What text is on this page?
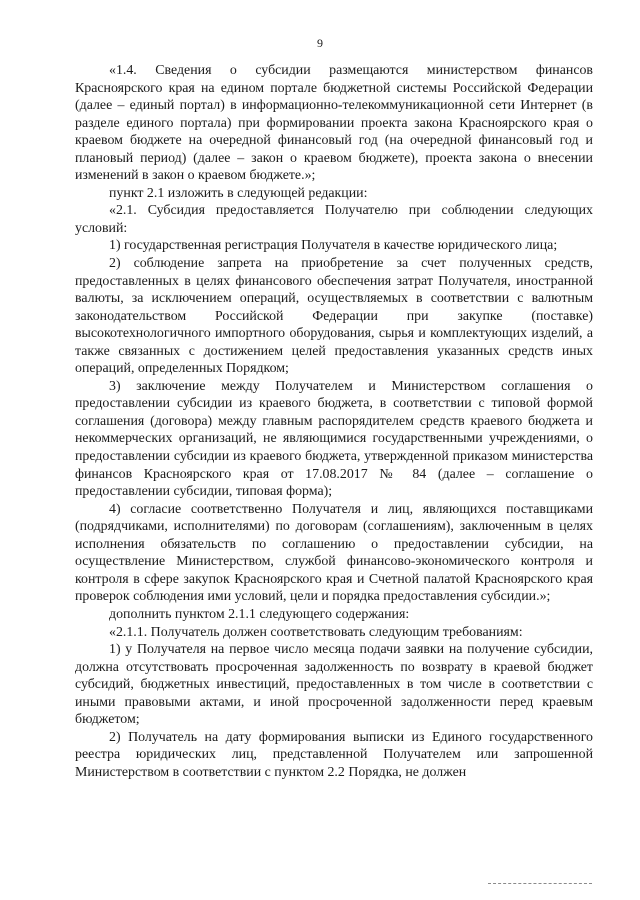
9

«1.4. Сведения о субсидии размещаются министерством финансов Красноярского края на едином портале бюджетной системы Российской Федерации (далее – единый портал) в информационно-телекоммуникационной сети Интернет (в разделе единого портала) при формировании проекта закона Красноярского края о краевом бюджете на очередной финансовый год (на очередной финансовый год и плановый период) (далее – закон о краевом бюджете), проекта закона о внесении изменений в закон о краевом бюджете.»;

пункт 2.1 изложить в следующей редакции:

«2.1. Субсидия предоставляется Получателю при соблюдении следующих условий:

1) государственная регистрация Получателя в качестве юридического лица;

2) соблюдение запрета на приобретение за счет полученных средств, предоставленных в целях финансового обеспечения затрат Получателя, иностранной валюты, за исключением операций, осуществляемых в соответствии с валютным законодательством Российской Федерации при закупке (поставке) высокотехнологичного импортного оборудования, сырья и комплектующих изделий, а также связанных с достижением целей предоставления указанных средств иных операций, определенных Порядком;

3) заключение между Получателем и Министерством соглашения о предоставлении субсидии из краевого бюджета, в соответствии с типовой формой соглашения (договора) между главным распорядителем средств краевого бюджета и некоммерческих организаций, не являющимися государственными учреждениями, о предоставлении субсидии из краевого бюджета, утвержденной приказом министерства финансов Красноярского края от 17.08.2017 № 84 (далее – соглашение о предоставлении субсидии, типовая форма);

4) согласие соответственно Получателя и лиц, являющихся поставщиками (подрядчиками, исполнителями) по договорам (соглашениям), заключенным в целях исполнения обязательств по соглашению о предоставлении субсидии, на осуществление Министерством, службой финансово-экономического контроля и контроля в сфере закупок Красноярского края и Счетной палатой Красноярского края проверок соблюдения ими условий, цели и порядка предоставления субсидии.»;

дополнить пунктом 2.1.1 следующего содержания:

«2.1.1. Получатель должен соответствовать следующим требованиям:

1) у Получателя на первое число месяца подачи заявки на получение субсидии, должна отсутствовать просроченная задолженность по возврату в краевой бюджет субсидий, бюджетных инвестиций, предоставленных в том числе в соответствии с иными правовыми актами, и иной просроченной задолженности перед краевым бюджетом;

2) Получатель на дату формирования выписки из Единого государственного реестра юридических лиц, представленной Получателем или запрошенной Министерством в соответствии с пунктом 2.2 Порядка, не должен
